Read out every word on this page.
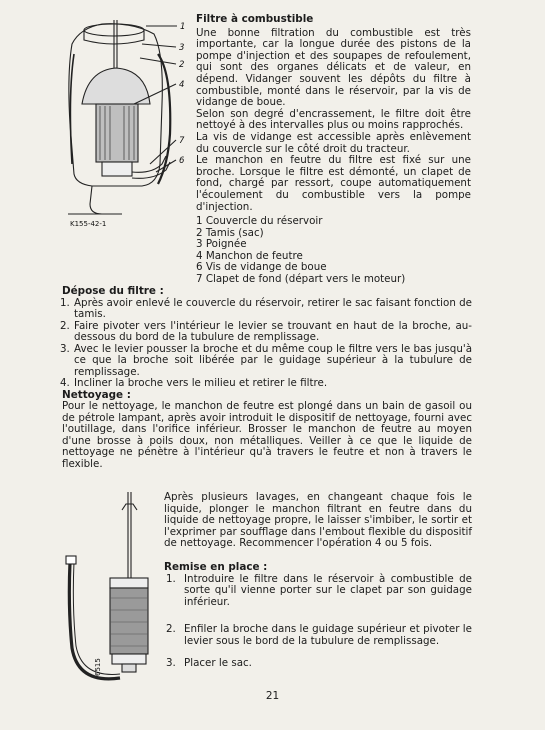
1
3
2
4
7
6
K155-42-1
Filtre à combustible

Une bonne filtration du combustible est très importante, car la longue durée des pistons de la pompe d'injection et des soupapes de refoulement, qui sont des organes délicats et de valeur, en dépend. Vidanger souvent les dépôts du filtre à combustible, monté dans le réservoir, par la vis de vidange de boue.

Selon son degré d'encrassement, le filtre doit être nettoyé à des intervalles plus ou moins rapprochés.

La vis de vidange est accessible après enlèvement du couvercle sur le côté droit du tracteur.

Le manchon en feutre du filtre est fixé sur une broche. Lorsque le filtre est démonté, un clapet de fond, chargé par ressort, coupe automatiquement l'écoulement du combustible vers la pompe d'injection.

1 Couvercle du réservoir
2 Tamis (sac)
3 Poignée
4 Manchon de feutre
6 Vis de vidange de boue
7 Clapet de fond (départ vers le moteur)
Dépose du filtre :
1. Après avoir enlevé le couvercle du réservoir, retirer le sac faisant fonction de tamis.
2. Faire pivoter vers l'intérieur le levier se trouvant en haut de la broche, au-dessous du bord de la tubulure de remplissage.
3. Avec le levier pousser la broche et du même coup le filtre vers le bas jusqu'à ce que la broche soit libérée par le guidage supérieur à la tubulure de remplissage.
4. Incliner la broche vers le milieu et retirer le filtre.
Nettoyage :

Pour le nettoyage, le manchon de feutre est plongé dans un bain de gasoil ou de pétrole lampant, après avoir introduit le dispositif de nettoyage, fourni avec l'outillage, dans l'orifice inférieur. Brosser le manchon de feutre au moyen d'une brosse à poils doux, non métalliques. Veiller à ce que le liquide de nettoyage ne pénètre à l'intérieur qu'à travers le feutre et non à travers le flexible.

6515

Après plusieurs lavages, en changeant chaque fois le liquide, plonger le manchon filtrant en feutre dans du liquide de nettoyage propre, le laisser s'imbiber, le sortir et l'exprimer par soufflage dans l'embout flexible du dispositif de nettoyage. Recommencer l'opération 4 ou 5 fois.

Remise en place :
1. Introduire le filtre dans le réservoir à combustible de sorte qu'il vienne porter sur le clapet par son guidage inférieur.
2. Enfiler la broche dans le guidage supérieur et pivoter le levier sous le bord de la tubulure de remplissage.
3. Placer le sac.
21
